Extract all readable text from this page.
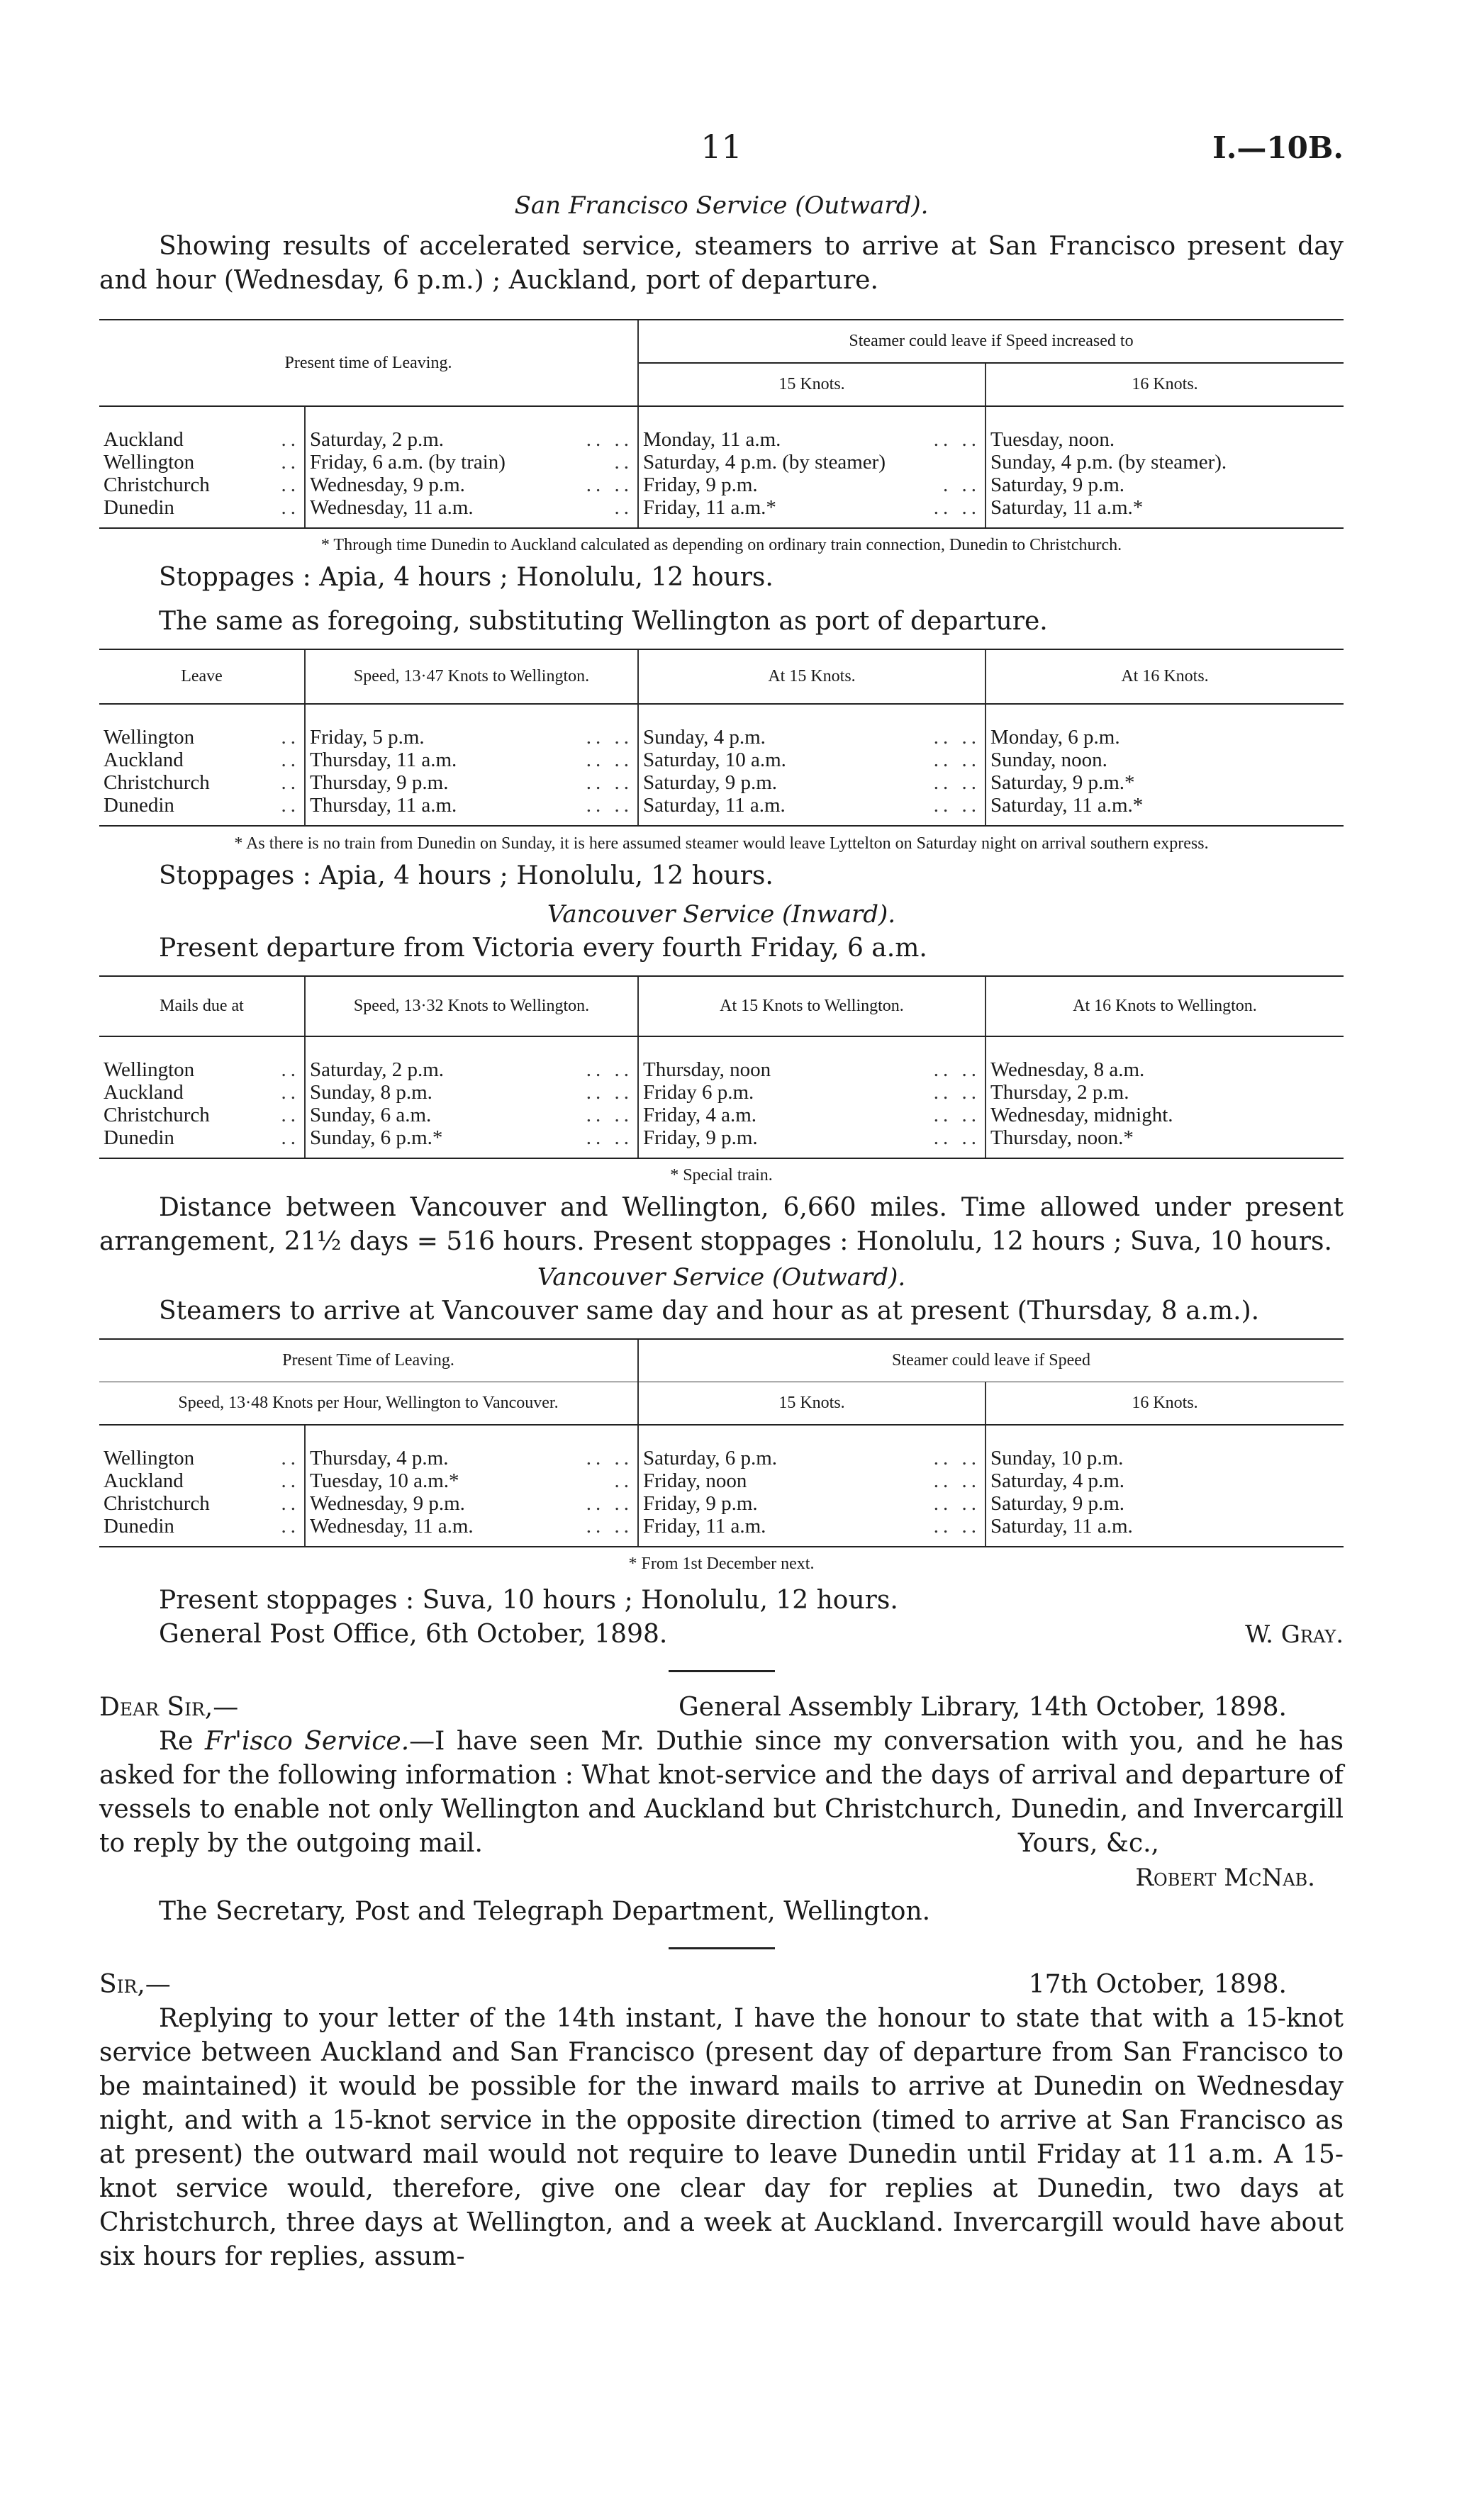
11	I.—10B.
San Francisco Service (Outward).

Showing results of accelerated service, steamers to arrive at San Francisco present day and hour (Wednesday, 6 p.m.) ; Auckland, port of departure.

Present time of Leaving.		Steamer could leave if Speed increased to	
		15 Knots.	16 Knots.
Auckland ..	Saturday, 2 p.m. .. ..	Monday, 11 a.m. .. ..	Tuesday, noon.
Wellington ..	Friday, 6 a.m. (by train) ..	Saturday, 4 p.m. (by steamer)	Sunday, 4 p.m. (by steamer).
Christchurch ..	Wednesday, 9 p.m. .. ..	Friday, 9 p.m. . ..	Saturday, 9 p.m.
Dunedin ..	Wednesday, 11 a.m. ..	Friday, 11 a.m.* .. ..	Saturday, 11 a.m.*
* Through time Dunedin to Auckland calculated as depending on ordinary train connection, Dunedin to Christchurch.

Stoppages : Apia, 4 hours ; Honolulu, 12 hours.

The same as foregoing, substituting Wellington as port of departure.

Leave	Speed, 13·47 Knots to Wellington.	At 15 Knots.	At 16 Knots.
Wellington ..	Friday, 5 p.m. .. ..	Sunday, 4 p.m. .. ..	Monday, 6 p.m.
Auckland ..	Thursday, 11 a.m. .. ..	Saturday, 10 a.m. .. ..	Sunday, noon.
Christchurch ..	Thursday, 9 p.m. .. ..	Saturday, 9 p.m. .. ..	Saturday, 9 p.m.*
Dunedin ..	Thursday, 11 a.m. .. ..	Saturday, 11 a.m. .. ..	Saturday, 11 a.m.*
* As there is no train from Dunedin on Sunday, it is here assumed steamer would leave Lyttelton on Saturday night on arrival southern express.

Stoppages : Apia, 4 hours ; Honolulu, 12 hours.

Vancouver Service (Inward).

Present departure from Victoria every fourth Friday, 6 a.m.

Mails due at	Speed, 13·32 Knots to Wellington.	At 15 Knots to Wellington.	At 16 Knots to Wellington.
Wellington ..	Saturday, 2 p.m. .. ..	Thursday, noon .. ..	Wednesday, 8 a.m.
Auckland ..	Sunday, 8 p.m. .. ..	Friday 6 p.m. .. ..	Thursday, 2 p.m.
Christchurch ..	Sunday, 6 a.m. .. ..	Friday, 4 a.m. .. ..	Wednesday, midnight.
Dunedin ..	Sunday, 6 p.m.* .. ..	Friday, 9 p.m. .. ..	Thursday, noon.*
* Special train.

Distance between Vancouver and Wellington, 6,660 miles. Time allowed under present arrangement, 21½ days = 516 hours. Present stoppages : Honolulu, 12 hours ; Suva, 10 hours.

Vancouver Service (Outward).

Steamers to arrive at Vancouver same day and hour as at present (Thursday, 8 a.m.).

Present Time of Leaving.		Steamer could leave if Speed	
Speed, 13·48 Knots per Hour, Wellington to Vancouver.		15 Knots.	16 Knots.
Wellington ..	Thursday, 4 p.m. .. ..	Saturday, 6 p.m. .. ..	Sunday, 10 p.m.
Auckland ..	Tuesday, 10 a.m.* ..	Friday, noon .. ..	Saturday, 4 p.m.
Christchurch ..	Wednesday, 9 p.m. .. ..	Friday, 9 p.m. .. ..	Saturday, 9 p.m.
Dunedin ..	Wednesday, 11 a.m. .. ..	Friday, 11 a.m. .. ..	Saturday, 11 a.m.
* From 1st December next.

Present stoppages : Suva, 10 hours ; Honolulu, 12 hours.

General Post Office, 6th October, 1898.	W. Gray.
Dear Sir,—	General Assembly Library, 14th October, 1898.

Re Fr'isco Service.—I have seen Mr. Duthie since my conversation with you, and he has asked for the following information : What knot-service and the days of arrival and departure of vessels to enable not only Wellington and Auckland but Christchurch, Dunedin, and Invercargill to reply by the outgoing mail.	Yours, &c.,
Robert McNab.

The Secretary, Post and Telegraph Department, Wellington.

Sir,—	17th October, 1898.

Replying to your letter of the 14th instant, I have the honour to state that with a 15-knot service between Auckland and San Francisco (present day of departure from San Francisco to be maintained) it would be possible for the inward mails to arrive at Dunedin on Wednesday night, and with a 15-knot service in the opposite direction (timed to arrive at San Francisco as at present) the outward mail would not require to leave Dunedin until Friday at 11 a.m. A 15-knot service would, therefore, give one clear day for replies at Dunedin, two days at Christchurch, three days at Wellington, and a week at Auckland. Invercargill would have about six hours for replies, assum-
